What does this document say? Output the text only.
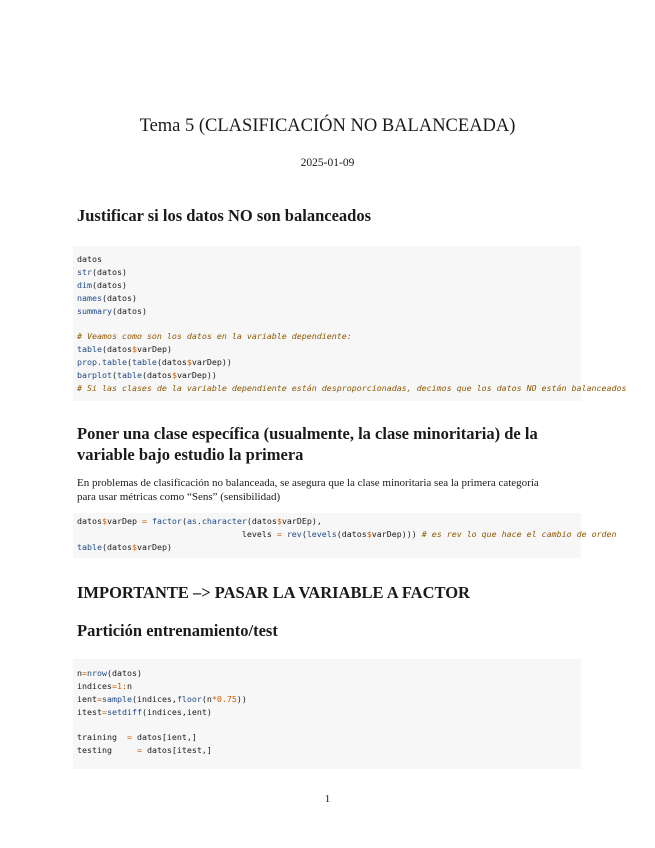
Tema 5 (CLASIFICACIÓN NO BALANCEADA)
2025-01-09
Justificar si los datos NO son balanceados
datos
str(datos)
dim(datos)
names(datos)
summary(datos)
# Veamos como son los datos en la variable dependiente:
table(datos$varDep)
prop.table(table(datos$varDep))
barplot(table(datos$varDep))
# Si las clases de la variable dependiente están desproporcionadas, decimos que los datos NO están balanceados
Poner una clase específica (usualmente, la clase minoritaria) de la
variable bajo estudio la primera
En problemas de clasificación no balanceada, se asegura que la clase minoritaria sea la primera categoría
para usar métricas como “Sens” (sensibilidad)
datos$varDep = factor(as.character(datos$varDEp),
levels = rev(levels(datos$varDep))) # es rev lo que hace el cambio de orden
table(datos$varDep)
IMPORTANTE –> PASAR LA VARIABLE A FACTOR
Partición entrenamiento/test
n=nrow(datos)
indices=1:n
ient=sample(indices,floor(n*0.75))
itest=setdiff(indices,ient)
training  = datos[ient,]
testing     = datos[itest,]
1
